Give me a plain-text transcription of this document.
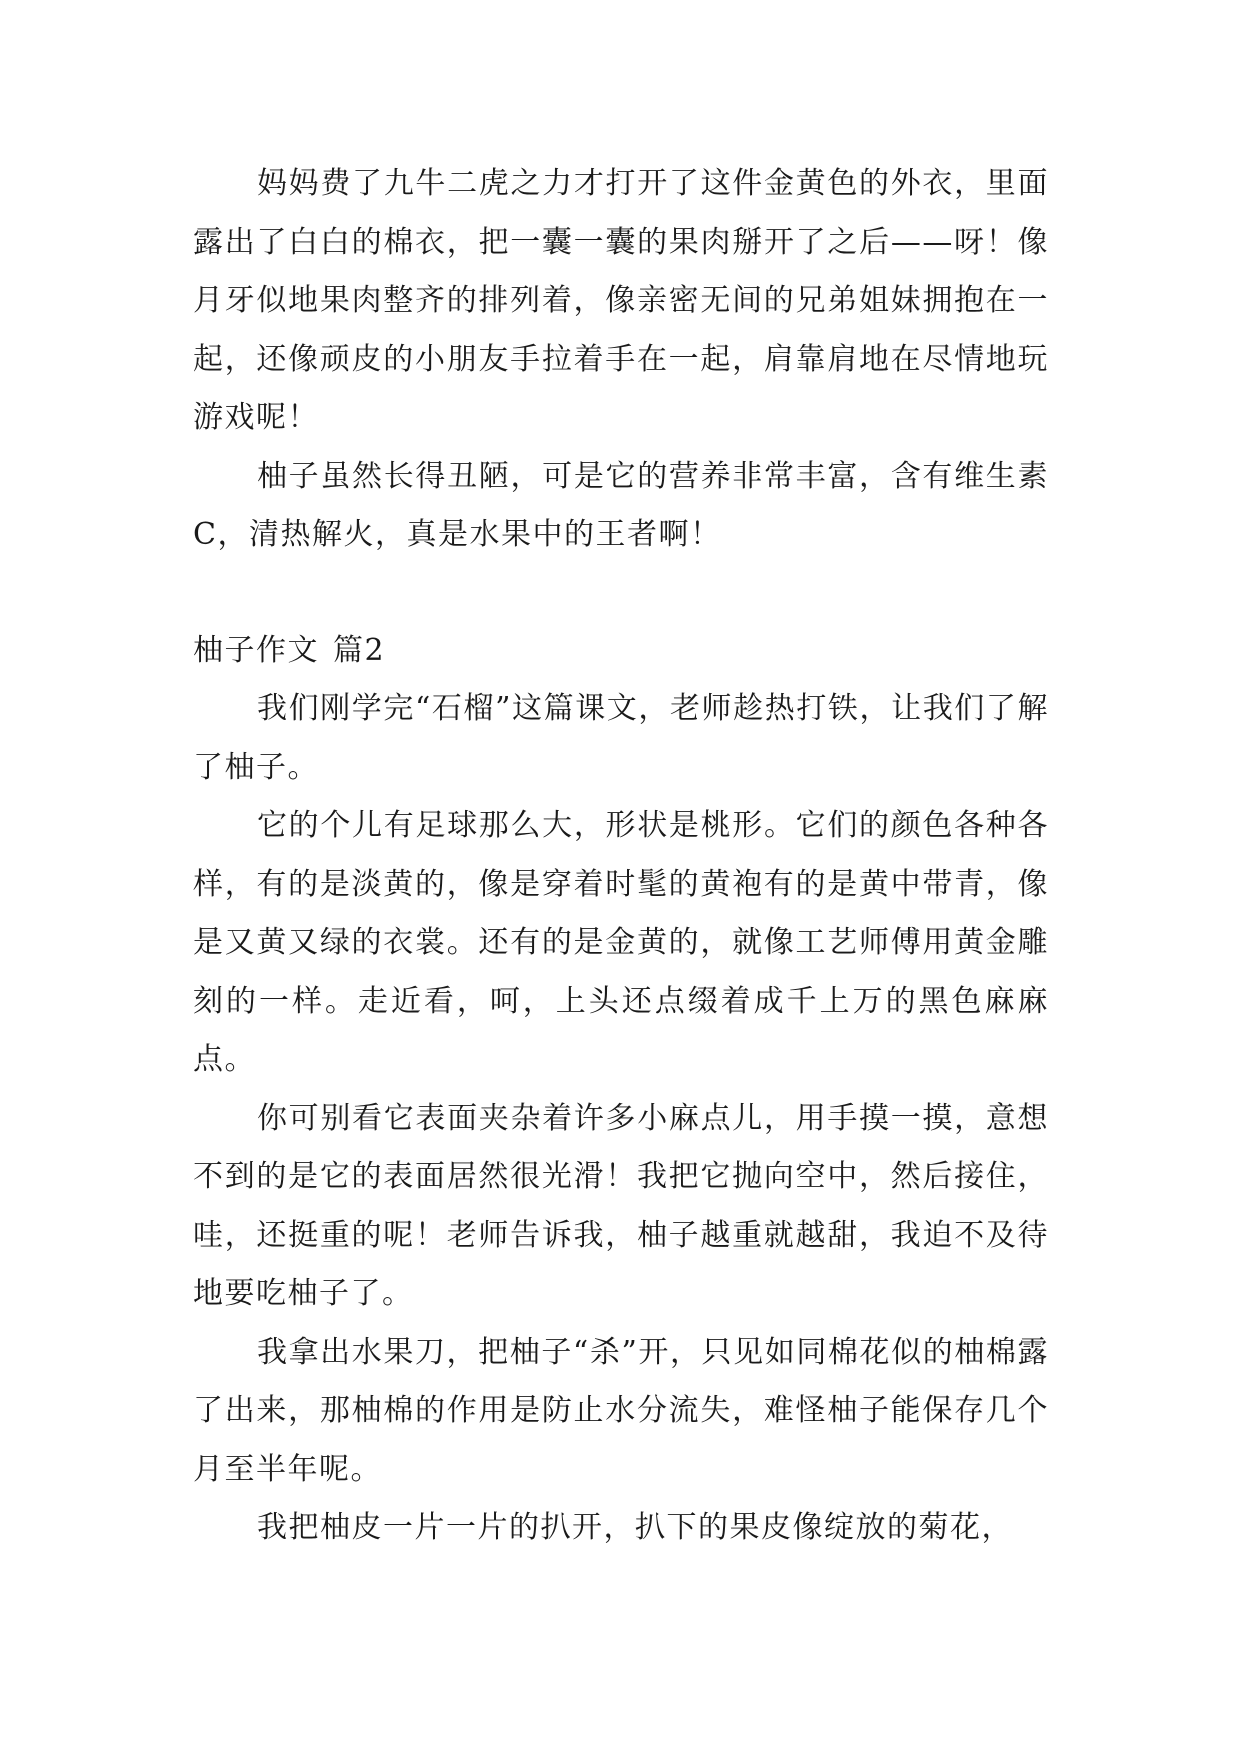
妈妈费了九牛二虎之力才打开了这件金黄色的外衣，里面露出了白白的棉衣，把一囊一囊的果肉掰开了之后——呀！像月牙似地果肉整齐的排列着，像亲密无间的兄弟姐妹拥抱在一起，还像顽皮的小朋友手拉着手在一起，肩靠肩地在尽情地玩游戏呢！

柚子虽然长得丑陋，可是它的营养非常丰富，含有维生素C，清热解火，真是水果中的王者啊！

柚子作文 篇2

我们刚学完“石榴”这篇课文，老师趁热打铁，让我们了解了柚子。

它的个儿有足球那么大，形状是桃形。它们的颜色各种各样，有的是淡黄的，像是穿着时髦的黄袍有的是黄中带青，像是又黄又绿的衣裳。还有的是金黄的，就像工艺师傅用黄金雕刻的一样。走近看，呵，上头还点缀着成千上万的黑色麻麻点。

你可别看它表面夹杂着许多小麻点儿，用手摸一摸，意想不到的是它的表面居然很光滑！我把它抛向空中，然后接住，哇，还挺重的呢！老师告诉我，柚子越重就越甜，我迫不及待地要吃柚子了。

我拿出水果刀，把柚子“杀”开，只见如同棉花似的柚棉露了出来，那柚棉的作用是防止水分流失，难怪柚子能保存几个月至半年呢。

我把柚皮一片一片的扒开，扒下的果皮像绽放的菊花，
